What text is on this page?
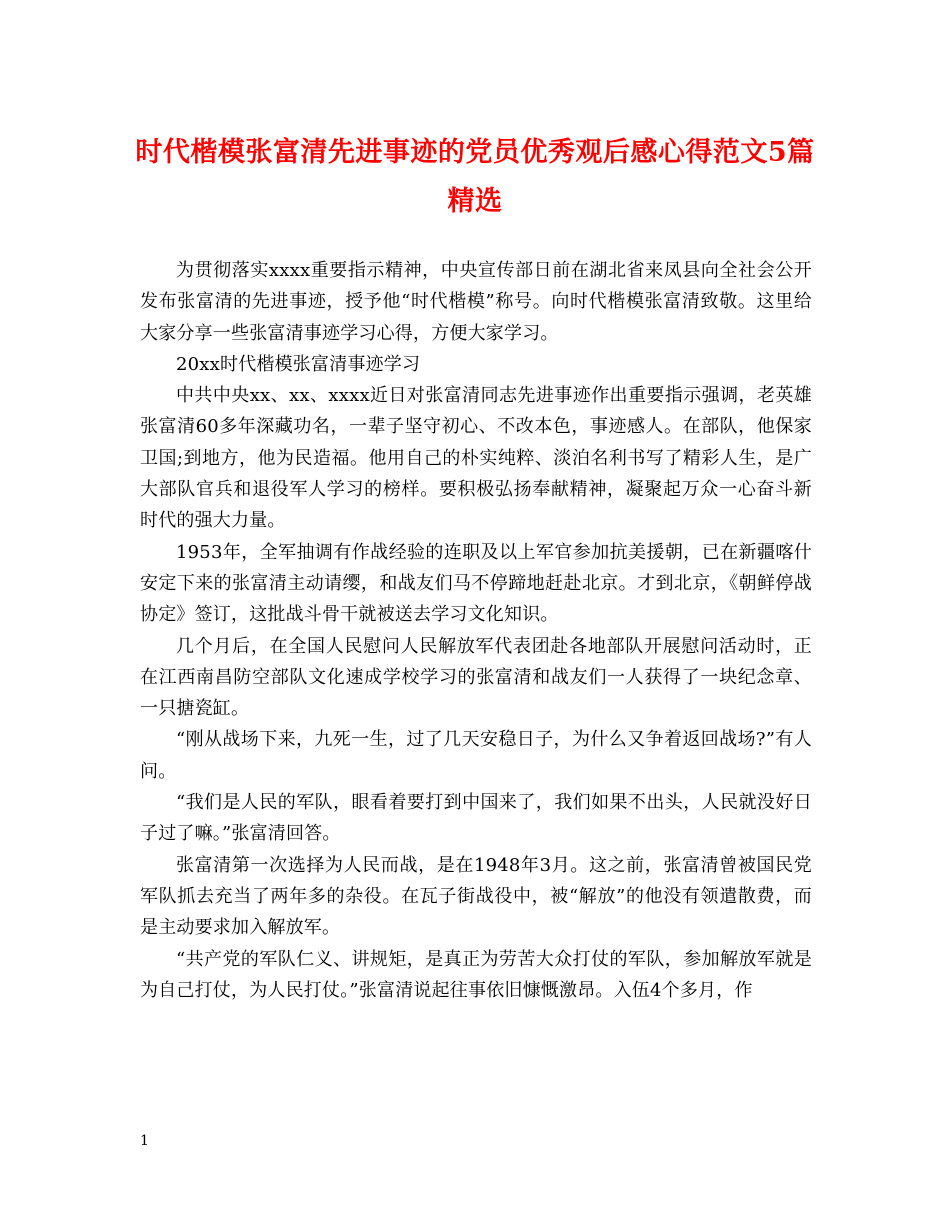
时代楷模张富清先进事迹的党员优秀观后感心得范文5篇精选

为贯彻落实xxxx重要指示精神，中央宣传部日前在湖北省来凤县向全社会公开发布张富清的先进事迹，授予他“时代楷模”称号。向时代楷模张富清致敬。这里给大家分享一些张富清事迹学习心得，方便大家学习。

20xx时代楷模张富清事迹学习

中共中央xx、xx、xxxx近日对张富清同志先进事迹作出重要指示强调，老英雄张富清60多年深藏功名，一辈子坚守初心、不改本色，事迹感人。在部队，他保家卫国;到地方，他为民造福。他用自己的朴实纯粹、淡泊名利书写了精彩人生，是广大部队官兵和退役军人学习的榜样。要积极弘扬奉献精神，凝聚起万众一心奋斗新时代的强大力量。

1953年，全军抽调有作战经验的连职及以上军官参加抗美援朝，已在新疆喀什安定下来的张富清主动请缨，和战友们马不停蹄地赶赴北京。才到北京，《朝鲜停战协定》签订，这批战斗骨干就被送去学习文化知识。

几个月后，在全国人民慰问人民解放军代表团赴各地部队开展慰问活动时，正在江西南昌防空部队文化速成学校学习的张富清和战友们一人获得了一块纪念章、一只搪瓷缸。

“刚从战场下来，九死一生，过了几天安稳日子，为什么又争着返回战场?”有人问。

“我们是人民的军队，眼看着要打到中国来了，我们如果不出头，人民就没好日子过了嘛。”张富清回答。

张富清第一次选择为人民而战，是在1948年3月。这之前，张富清曾被国民党军队抓去充当了两年多的杂役。在瓦子街战役中，被“解放”的他没有领遣散费，而是主动要求加入解放军。

“共产党的军队仁义、讲规矩，是真正为劳苦大众打仗的军队，参加解放军就是为自己打仗，为人民打仗。”张富清说起往事依旧慷慨激昂。入伍4个多月，作

1
